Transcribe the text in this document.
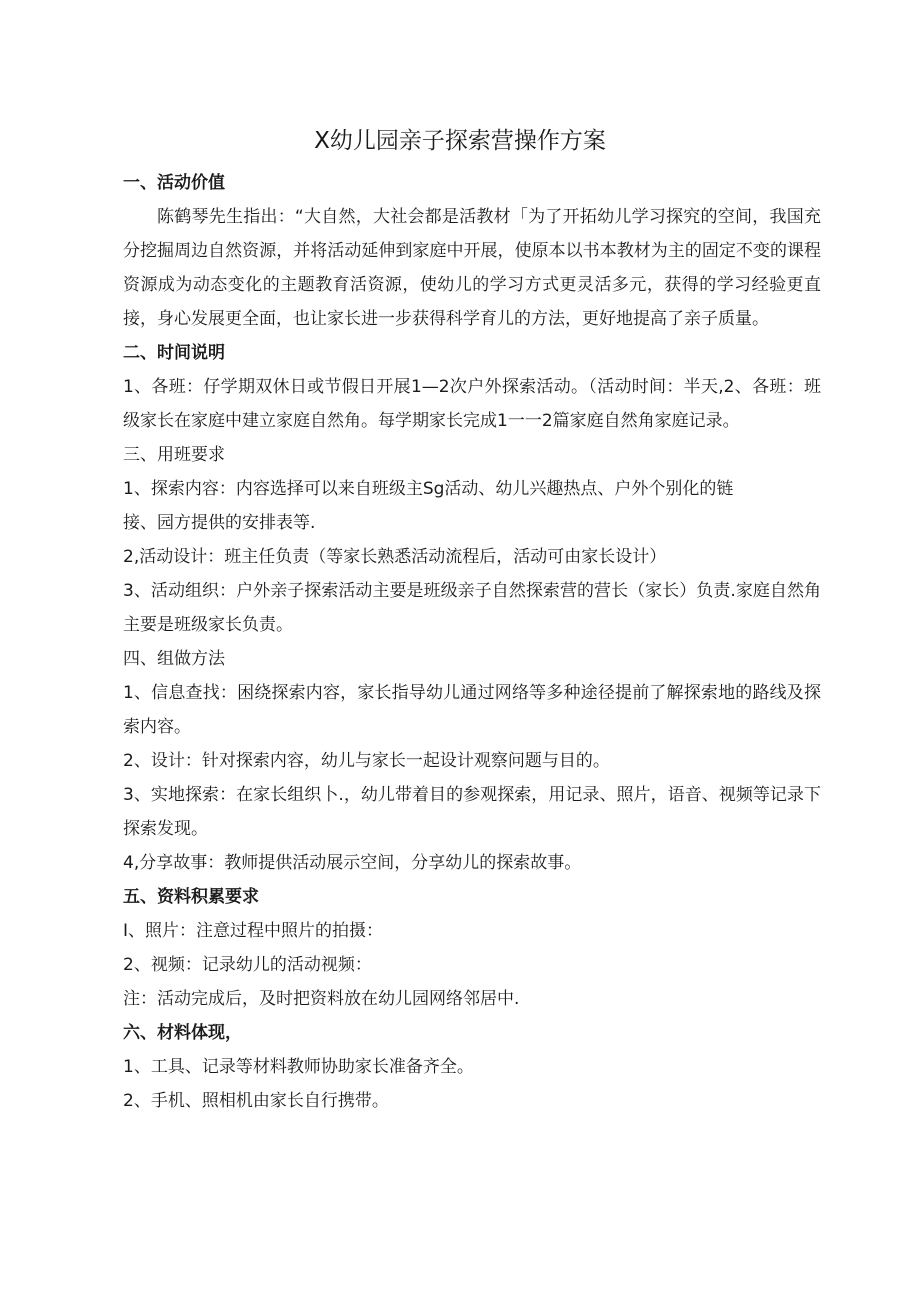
X幼儿园亲子探索营操作方案
一、活动价值

陈鹤琴先生指出：“大自然，大社会都是活教材「为了开拓幼儿学习探究的空间，我国充分挖掘周边自然资源，并将活动延伸到家庭中开展，使原本以书本教材为主的固定不变的课程资源成为动态变化的主题教育活资源，使幼儿的学习方式更灵活多元，获得的学习经验更直接，身心发展更全面，也让家长进一步获得科学育儿的方法，更好地提高了亲子质量。

二、时间说明

1、各班：仔学期双休日或节假日开展1—2次户外探索活动。（活动时间：半天,2、各班：班级家长在家庭中建立家庭自然角。每学期家长完成1一一2篇家庭自然角家庭记录。

三、用班要求

1、探索内容：内容选择可以来自班级主Sg活动、幼儿兴趣热点、户外个别化的链

接、园方提供的安排表等.

2,活动设计：班主任负责（等家长熟悉活动流程后，活动可由家长设计）

3、活动组织：户外亲子探索活动主要是班级亲子自然探索营的营长（家长）负责.家庭自然角主要是班级家长负责。

四、组做方法

1、信息查找：困绕探索内容，家长指导幼儿通过网络等多种途径提前了解探索地的路线及探索内容。

2、设计：针对探索内容，幼儿与家长一起设计观察问题与目的。

3、实地探索：在家长组织卜.，幼儿带着目的参观探索，用记录、照片，语音、视频等记录下探索发现。

4,分享故事：教师提供活动展示空间，分享幼儿的探索故事。

五、资料积累要求

I、照片：注意过程中照片的拍摄：

2、视频：记录幼儿的活动视频：

注：活动完成后，及时把资料放在幼儿园网络邻居中.

六、材料体现，

1、工具、记录等材料教师协助家长准备齐全。

2、手机、照相机由家长自行携带。
